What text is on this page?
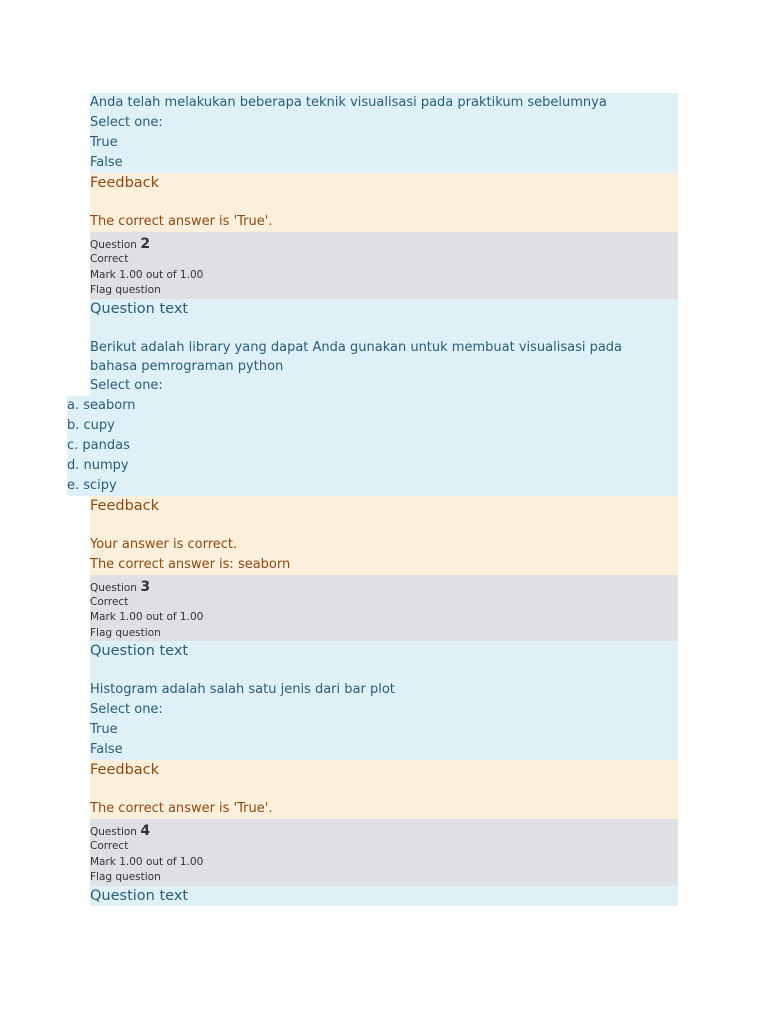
Anda telah melakukan beberapa teknik visualisasi pada praktikum sebelumnya
Select one:
True
False
Feedback
The correct answer is 'True'.
Question 2
Correct
Mark 1.00 out of 1.00
Flag question
Question text
Berikut adalah library yang dapat Anda gunakan untuk membuat visualisasi pada bahasa pemrograman python
Select one:
a. seaborn
b. cupy
c. pandas
d. numpy
e. scipy
Feedback
Your answer is correct.
The correct answer is: seaborn
Question 3
Correct
Mark 1.00 out of 1.00
Flag question
Question text
Histogram adalah salah satu jenis dari bar plot
Select one:
True
False
Feedback
The correct answer is 'True'.
Question 4
Correct
Mark 1.00 out of 1.00
Flag question
Question text
